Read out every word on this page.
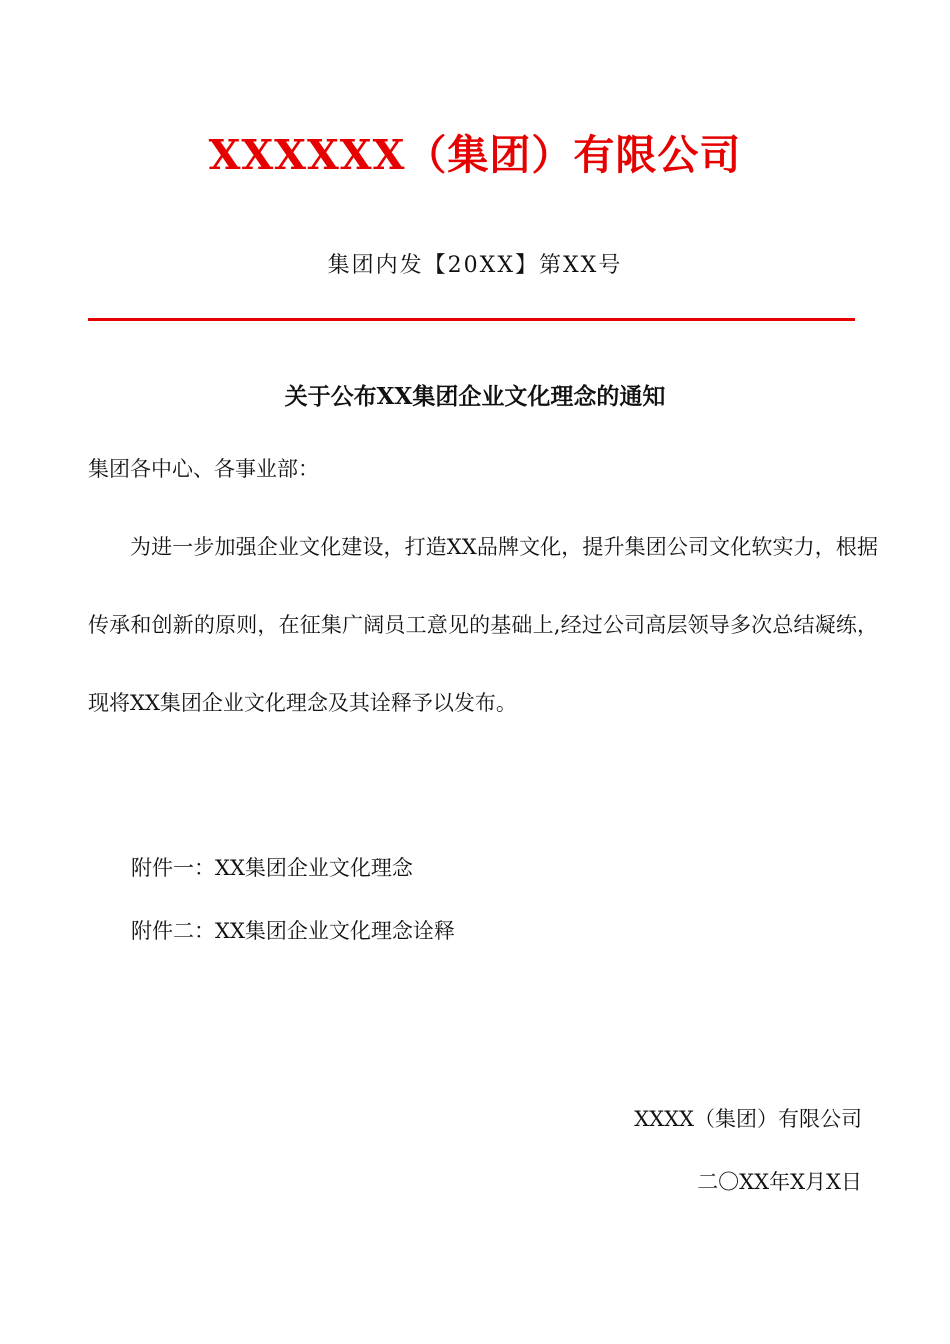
XXXXXX（集团）有限公司
集团内发【20XX】第XX号
关于公布XX集团企业文化理念的通知
集团各中心、各事业部：
为进一步加强企业文化建设，打造XX品牌文化，提升集团公司文化软实力，根据传承和创新的原则，在征集广阔员工意见的基础上,经过公司高层领导多次总结凝练，现将XX集团企业文化理念及其诠释予以发布。
附件一：XX集团企业文化理念
附件二：XX集团企业文化理念诠释
XXXX（集团）有限公司
二〇XX年X月X日
